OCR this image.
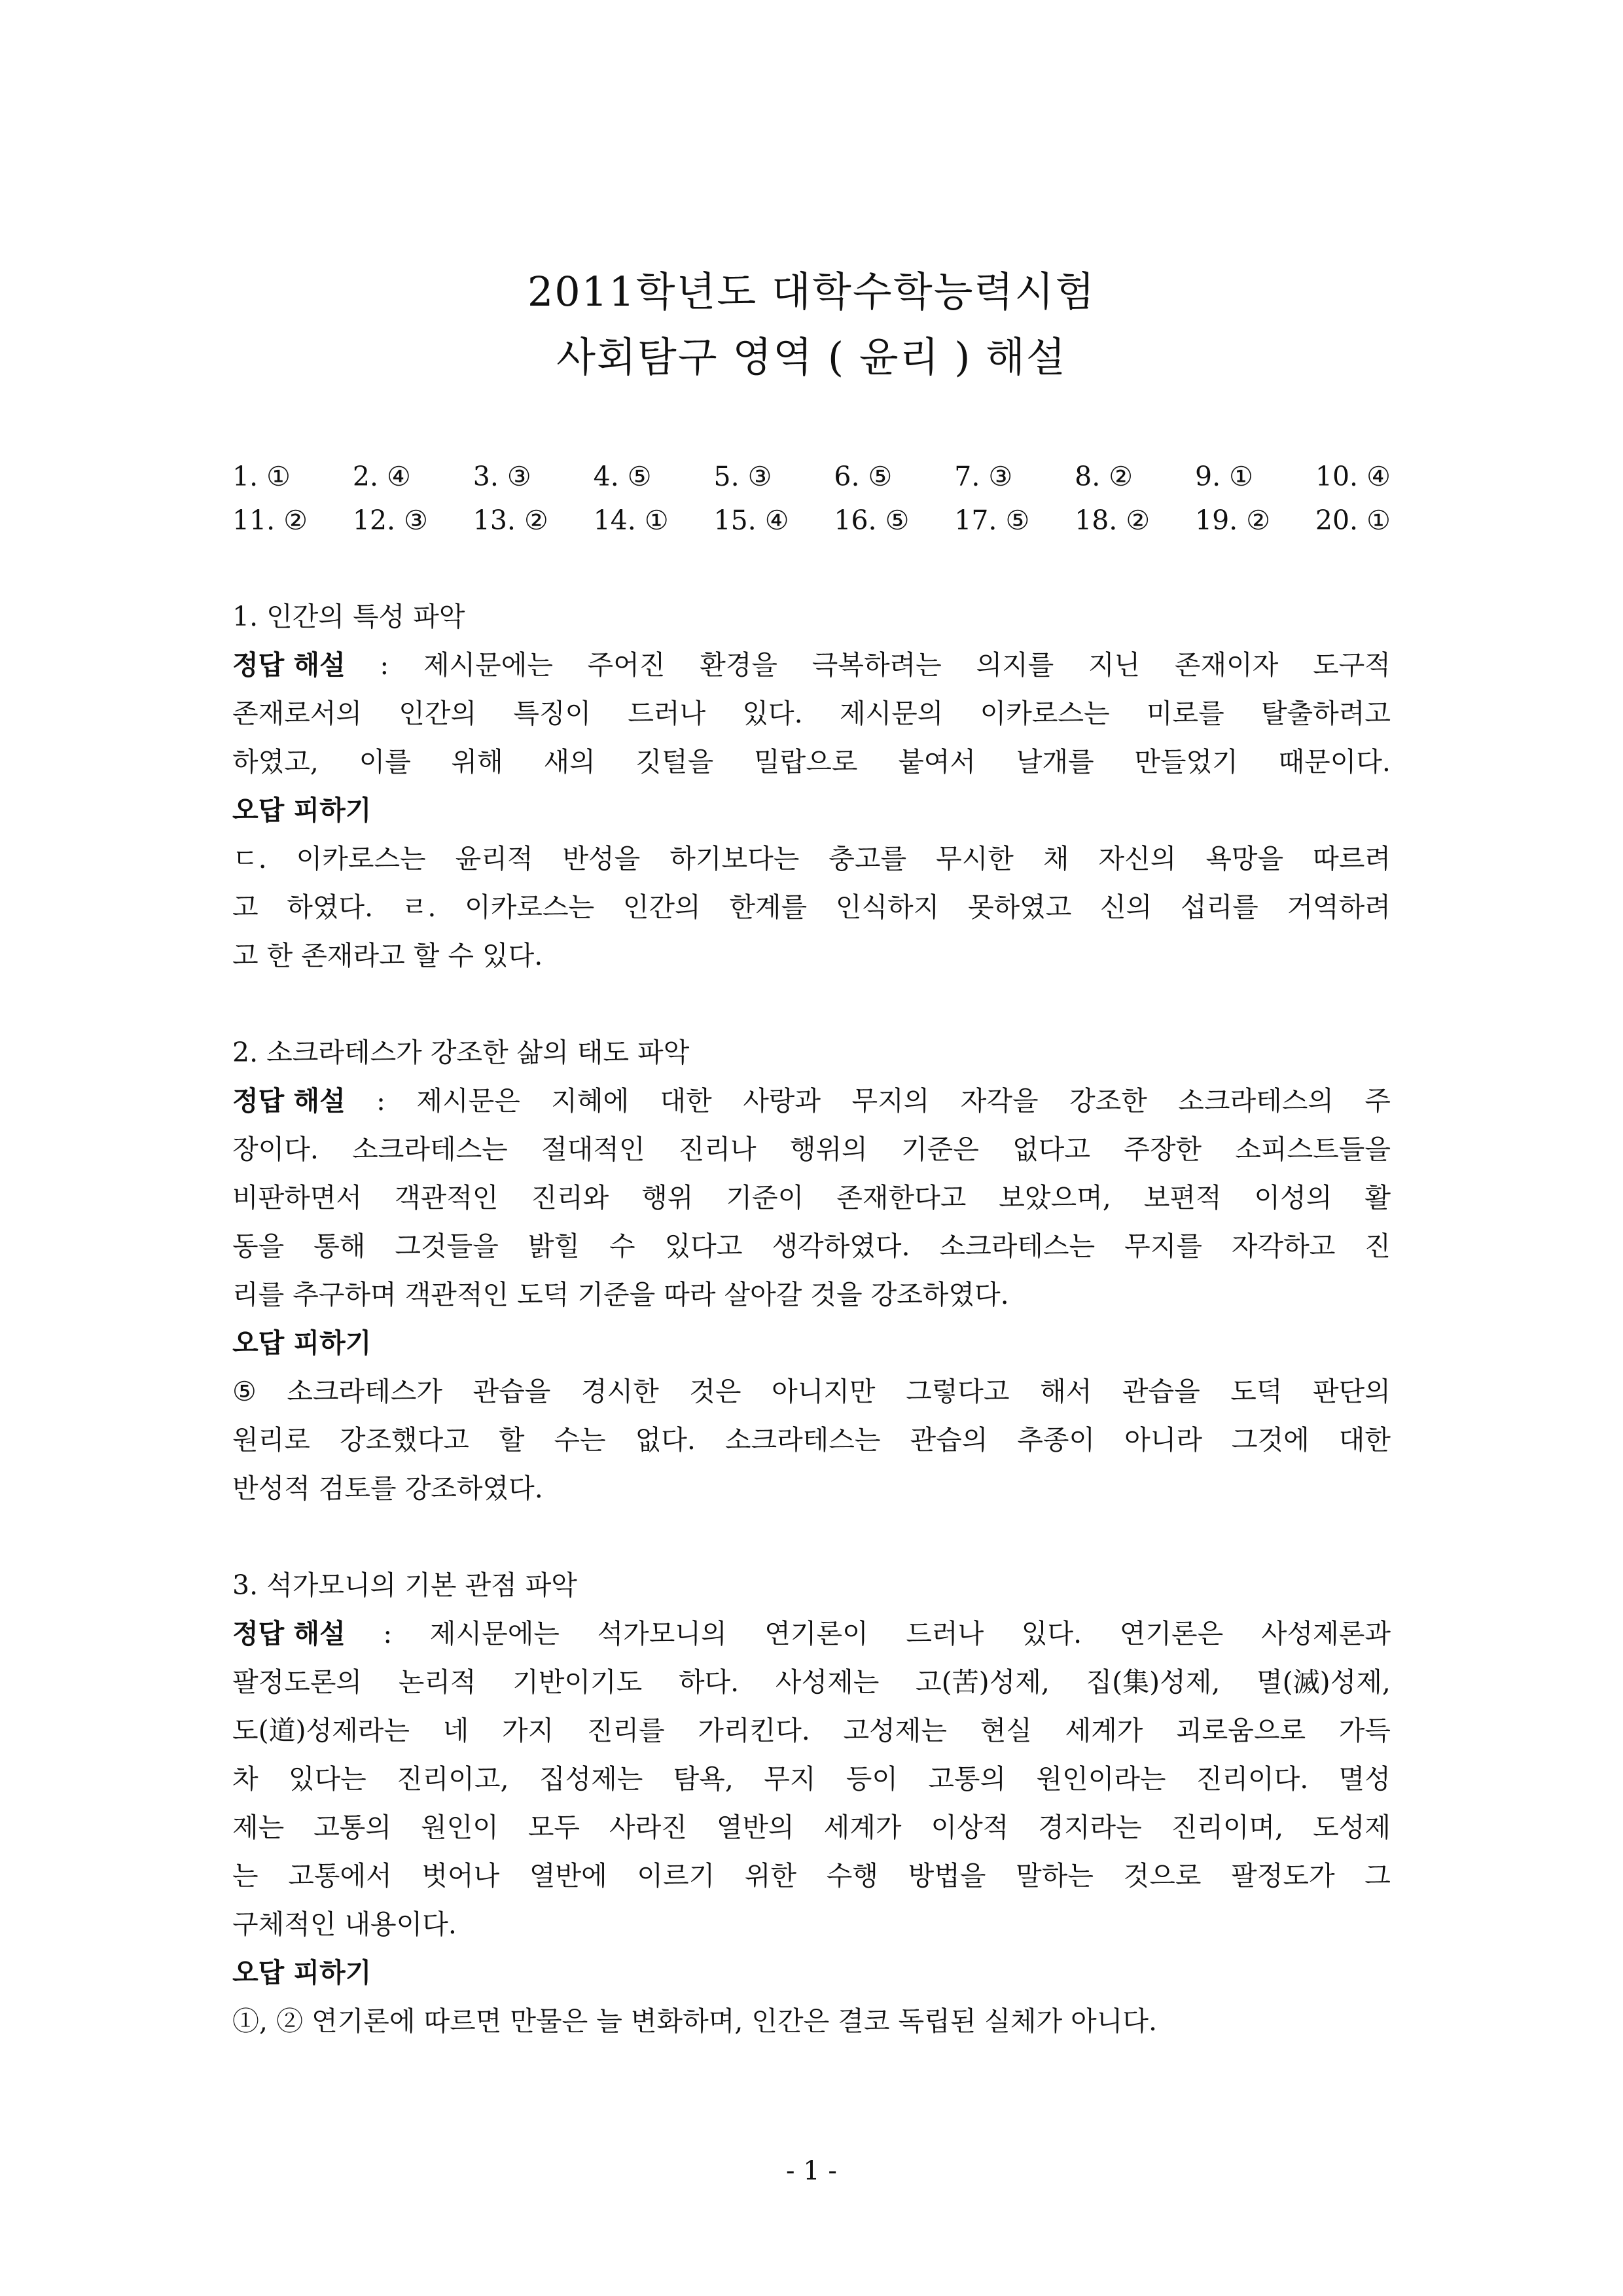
2011학년도 대학수학능력시험
사회탐구 영역 ( 윤리 ) 해설
1. ① 2. ④ 3. ③ 4. ⑤ 5. ③ 6. ⑤ 7. ③ 8. ② 9. ① 10. ④
11. ② 12. ③ 13. ② 14. ① 15. ④ 16. ⑤ 17. ⑤ 18. ② 19. ② 20. ①
1. 인간의 특성 파악
정답 해설 : 제시문에는 주어진 환경을 극복하려는 의지를 지닌 존재이자 도구적
존재로서의 인간의 특징이 드러나 있다. 제시문의 이카로스는 미로를 탈출하려고
하였고, 이를 위해 새의 깃털을 밀랍으로 붙여서 날개를 만들었기 때문이다.
오답 피하기
ㄷ. 이카로스는 윤리적 반성을 하기보다는 충고를 무시한 채 자신의 욕망을 따르려
고 하였다. ㄹ. 이카로스는 인간의 한계를 인식하지 못하였고 신의 섭리를 거역하려
고 한 존재라고 할 수 있다.
2. 소크라테스가 강조한 삶의 태도 파악
정답 해설 : 제시문은 지혜에 대한 사랑과 무지의 자각을 강조한 소크라테스의 주
장이다. 소크라테스는 절대적인 진리나 행위의 기준은 없다고 주장한 소피스트들을
비판하면서 객관적인 진리와 행위 기준이 존재한다고 보았으며, 보편적 이성의 활
동을 통해 그것들을 밝힐 수 있다고 생각하였다. 소크라테스는 무지를 자각하고 진
리를 추구하며 객관적인 도덕 기준을 따라 살아갈 것을 강조하였다.
오답 피하기
⑤ 소크라테스가 관습을 경시한 것은 아니지만 그렇다고 해서 관습을 도덕 판단의
원리로 강조했다고 할 수는 없다. 소크라테스는 관습의 추종이 아니라 그것에 대한
반성적 검토를 강조하였다.
3. 석가모니의 기본 관점 파악
정답 해설 : 제시문에는 석가모니의 연기론이 드러나 있다. 연기론은 사성제론과
팔정도론의 논리적 기반이기도 하다. 사성제는 고(苦)성제, 집(集)성제, 멸(滅)성제,
도(道)성제라는 네 가지 진리를 가리킨다. 고성제는 현실 세계가 괴로움으로 가득
차 있다는 진리이고, 집성제는 탐욕, 무지 등이 고통의 원인이라는 진리이다. 멸성
제는 고통의 원인이 모두 사라진 열반의 세계가 이상적 경지라는 진리이며, 도성제
는 고통에서 벗어나 열반에 이르기 위한 수행 방법을 말하는 것으로 팔정도가 그
구체적인 내용이다.
오답 피하기
①, ② 연기론에 따르면 만물은 늘 변화하며, 인간은 결코 독립된 실체가 아니다.
- 1 -
